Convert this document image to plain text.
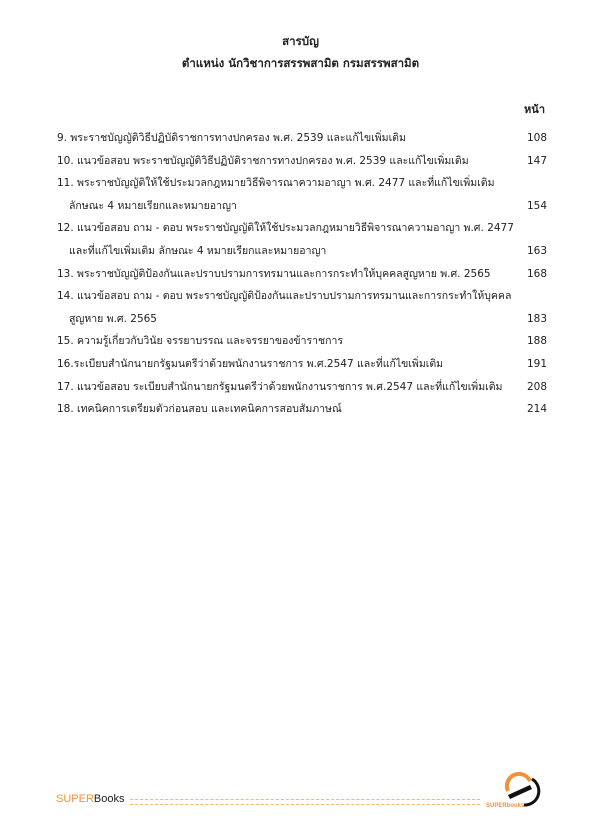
สารบัญ
ตำแหน่ง นักวิชาการสรรพสามิต กรมสรรพสามิต
หน้า
9. พระราชบัญญัติวิธีปฏิบัติราชการทางปกครอง พ.ศ. 2539 และแก้ไขเพิ่มเติม	108
10. แนวข้อสอบ พระราชบัญญัติวิธีปฏิบัติราชการทางปกครอง พ.ศ. 2539 และแก้ไขเพิ่มเติม	147
11. พระราชบัญญัติให้ใช้ประมวลกฎหมายวิธีพิจารณาความอาญา พ.ศ. 2477 และที่แก้ไขเพิ่มเติม
ลักษณะ 4 หมายเรียกและหมายอาญา	154
12. แนวข้อสอบ ถาม - ตอบ พระราชบัญญัติให้ใช้ประมวลกฎหมายวิธีพิจารณาความอาญา พ.ศ. 2477
และที่แก้ไขเพิ่มเติม ลักษณะ 4 หมายเรียกและหมายอาญา	163
13. พระราชบัญญัติป้องกันและปราบปรามการทรมานและการกระทำให้บุคคลสูญหาย พ.ศ. 2565	168
14. แนวข้อสอบ ถาม - ตอบ พระราชบัญญัติป้องกันและปราบปรามการทรมานและการกระทำให้บุคคล
สูญหาย พ.ศ. 2565	183
15. ความรู้เกี่ยวกับวินัย จรรยาบรรณ และจรรยาของข้าราชการ	188
16.ระเบียบสำนักนายกรัฐมนตรีว่าด้วยพนักงานราชการ พ.ศ.2547 และที่แก้ไขเพิ่มเติม	191
17. แนวข้อสอบ ระเบียบสำนักนายกรัฐมนตรีว่าด้วยพนักงานราชการ พ.ศ.2547 และที่แก้ไขเพิ่มเติม	208
18. เทคนิคการเตรียมตัวก่อนสอบ และเทคนิคการสอบสัมภาษณ์	214
SUPERBooks
SUPERbooks
